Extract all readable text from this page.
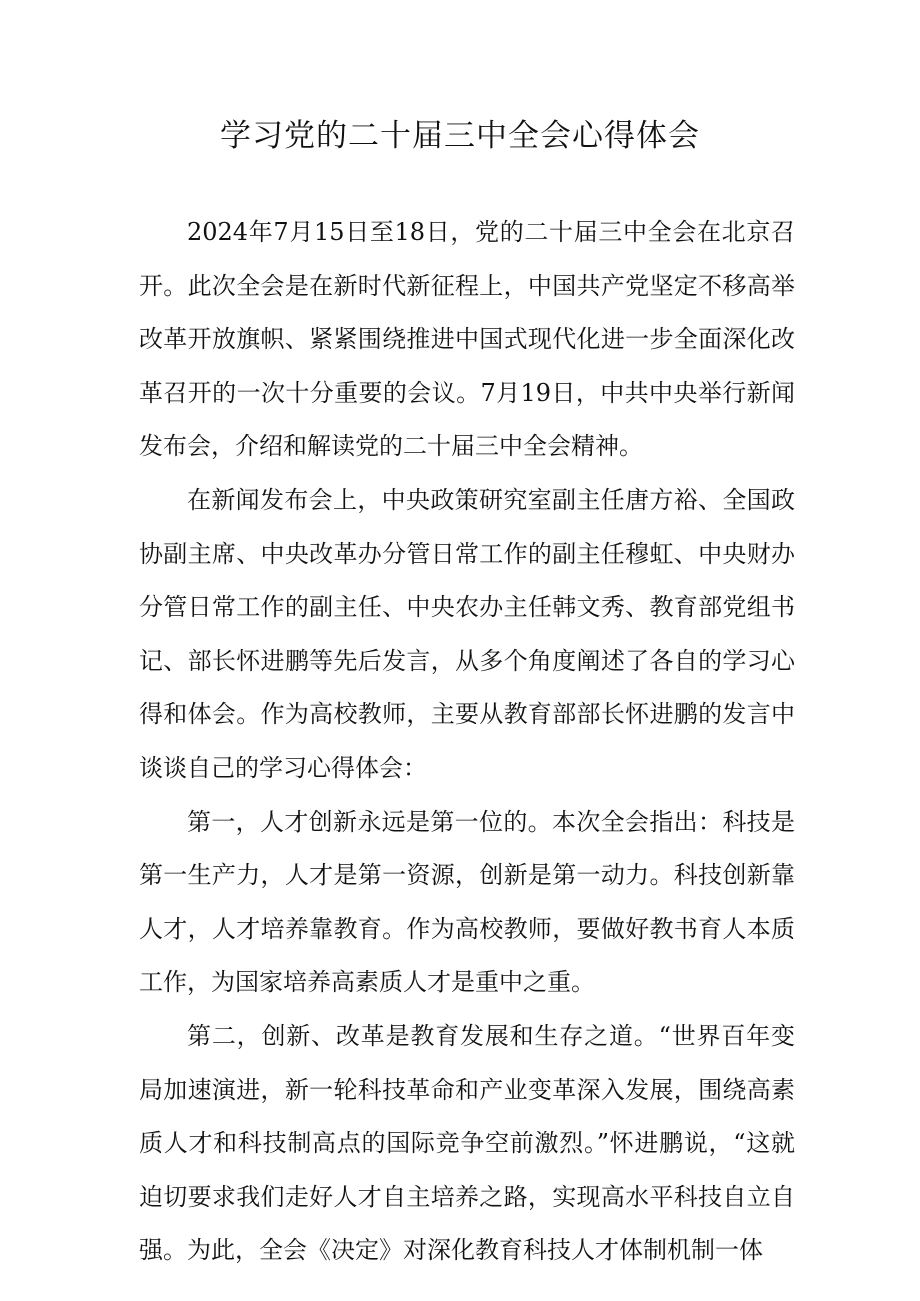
学习党的二十届三中全会心得体会

2024年7月15日至18日，党的二十届三中全会在北京召开。此次全会是在新时代新征程上，中国共产党坚定不移高举改革开放旗帜、紧紧围绕推进中国式现代化进一步全面深化改革召开的一次十分重要的会议。7月19日，中共中央举行新闻发布会，介绍和解读党的二十届三中全会精神。

在新闻发布会上，中央政策研究室副主任唐方裕、全国政协副主席、中央改革办分管日常工作的副主任穆虹、中央财办分管日常工作的副主任、中央农办主任韩文秀、教育部党组书记、部长怀进鹏等先后发言，从多个角度阐述了各自的学习心得和体会。作为高校教师，主要从教育部部长怀进鹏的发言中谈谈自己的学习心得体会：

第一，人才创新永远是第一位的。本次全会指出：科技是第一生产力，人才是第一资源，创新是第一动力。科技创新靠人才，人才培养靠教育。作为高校教师，要做好教书育人本质工作，为国家培养高素质人才是重中之重。

第二，创新、改革是教育发展和生存之道。“世界百年变局加速演进，新一轮科技革命和产业变革深入发展，围绕高素质人才和科技制高点的国际竞争空前激烈。”怀进鹏说，“这就迫切要求我们走好人才自主培养之路，实现高水平科技自立自强。为此，全会《决定》对深化教育科技人才体制机制一体
